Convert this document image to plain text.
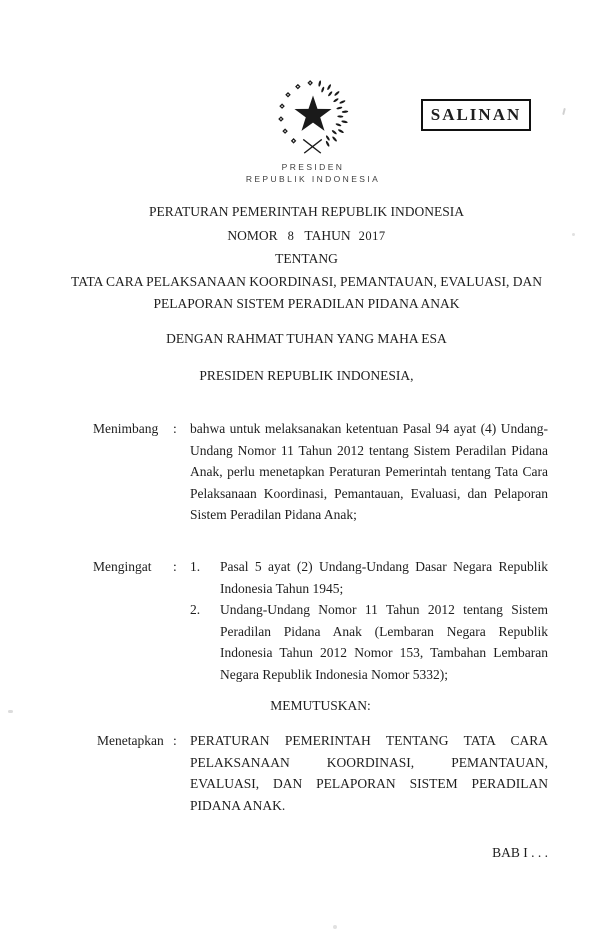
PRESIDEN
REPUBLIK INDONESIA
SALINAN
PERATURAN PEMERINTAH REPUBLIK INDONESIA
NOMOR 8 TAHUN 2017
TENTANG
TATA CARA PELAKSANAAN KOORDINASI, PEMANTAUAN, EVALUASI, DAN
PELAPORAN SISTEM PERADILAN PIDANA ANAK
DENGAN RAHMAT TUHAN YANG MAHA ESA
PRESIDEN REPUBLIK INDONESIA,
Menimbang	: bahwa untuk melaksanakan ketentuan Pasal 94 ayat (4) Undang-Undang Nomor 11 Tahun 2012 tentang Sistem Peradilan Pidana Anak, perlu menetapkan Peraturan Pemerintah tentang Tata Cara Pelaksanaan Koordinasi, Pemantauan, Evaluasi, dan Pelaporan Sistem Peradilan Pidana Anak;
Mengingat	: 1.	Pasal 5 ayat (2) Undang-Undang Dasar Negara Republik Indonesia Tahun 1945;
2.	Undang-Undang Nomor 11 Tahun 2012 tentang Sistem Peradilan Pidana Anak (Lembaran Negara Republik Indonesia Tahun 2012 Nomor 153, Tambahan Lembaran Negara Republik Indonesia Nomor 5332);
MEMUTUSKAN:
Menetapkan : PERATURAN PEMERINTAH TENTANG TATA CARA PELAKSANAAN KOORDINASI, PEMANTAUAN, EVALUASI, DAN PELAPORAN SISTEM PERADILAN PIDANA ANAK.
BAB I . . .
